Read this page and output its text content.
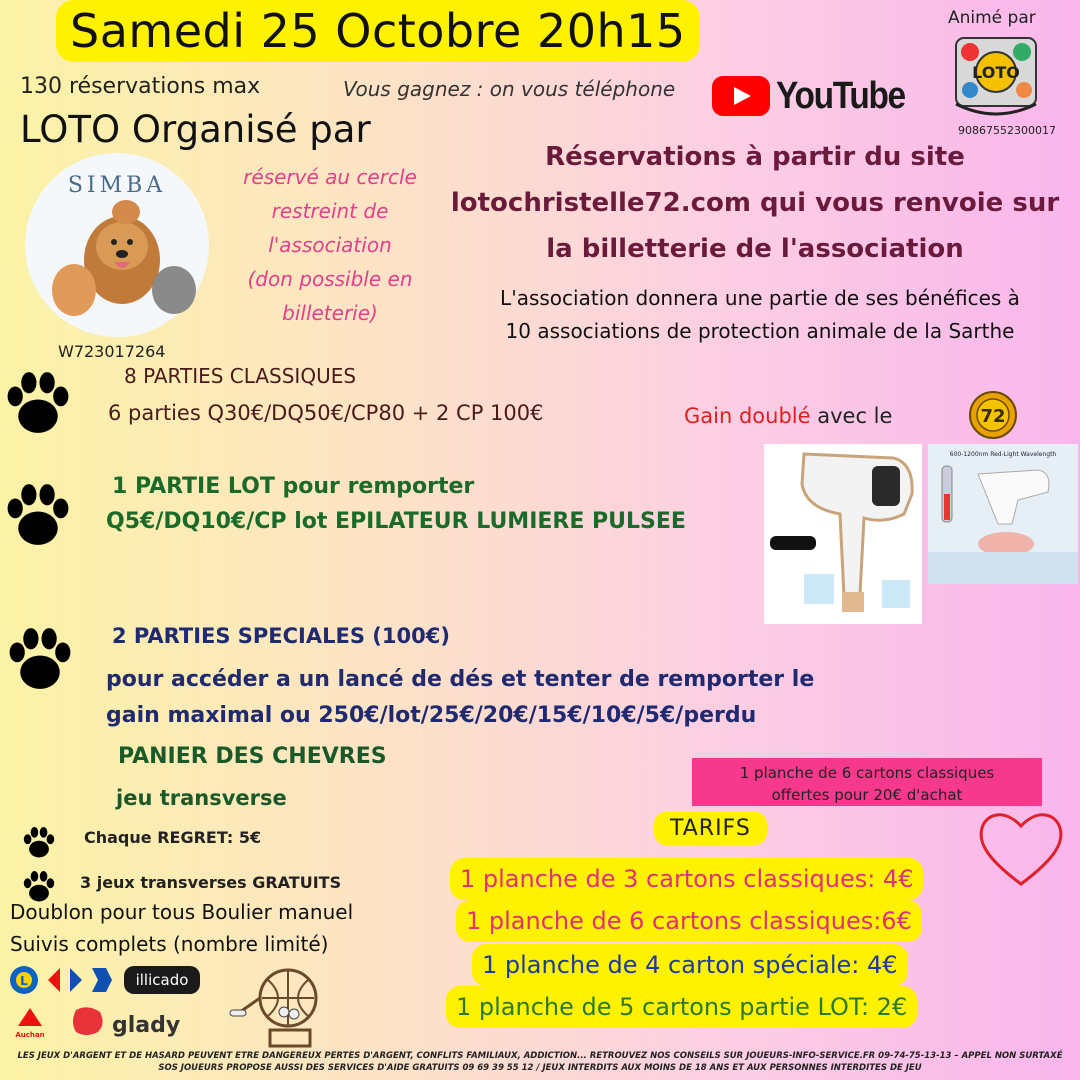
Samedi 25 Octobre 20h15	Animé par
LOTO
90867552300017
130 réservations max	Vous gagnez : on vous téléphone	YouTube
LOTO Organisé par
SIMBA	réservé au cercle
restreint de
l'association
(don possible en
billeterie)
W723017264
Réservations à partir du site
lotochristelle72.com qui vous renvoie sur
la billetterie de l'association
L'association donnera une partie de ses bénéfices à
10 associations de protection animale de la Sarthe
8 PARTIES CLASSIQUES
6 parties Q30€/DQ50€/CP80 + 2 CP 100€	Gain doublé avec le	72
1 PARTIE LOT pour remporter
Q5€/DQ10€/CP lot EPILATEUR LUMIERE PULSEE
600-1200nm Red-Light Wavelength
2 PARTIES SPECIALES (100€)
pour accéder a un lancé de dés et tenter de remporter le
gain maximal ou 250€/lot/25€/20€/15€/10€/5€/perdu
PANIER DES CHEVRES
jeu transverse
Chaque REGRET: 5€
3 jeux transverses GRATUITS
Doublon pour tous Boulier manuel
Suivis complets (nombre limité)
L	illicado
Auchan	glady
1 planche de 6 cartons classiques
offertes pour 20€ d'achat
TARIFS
1 planche de 3 cartons classiques: 4€
1 planche de 6 cartons classiques:6€
1 planche de 4 carton spéciale: 4€
1 planche de 5 cartons partie LOT: 2€
LES JEUX D'ARGENT ET DE HASARD PEUVENT ETRE DANGEREUX PERTES D'ARGENT, CONFLITS FAMILIAUX, ADDICTION... RETROUVEZ NOS CONSEILS SUR JOUEURS-INFO-SERVICE.FR 09-74-75-13-13 – APPEL NON SURTAXÉ
SOS JOUEURS PROPOSE AUSSI DES SERVICES D'AIDE GRATUITS 09 69 39 55 12 / JEUX INTERDITS AUX MOINS DE 18 ANS ET AUX PERSONNES INTERDITES DE JEU
